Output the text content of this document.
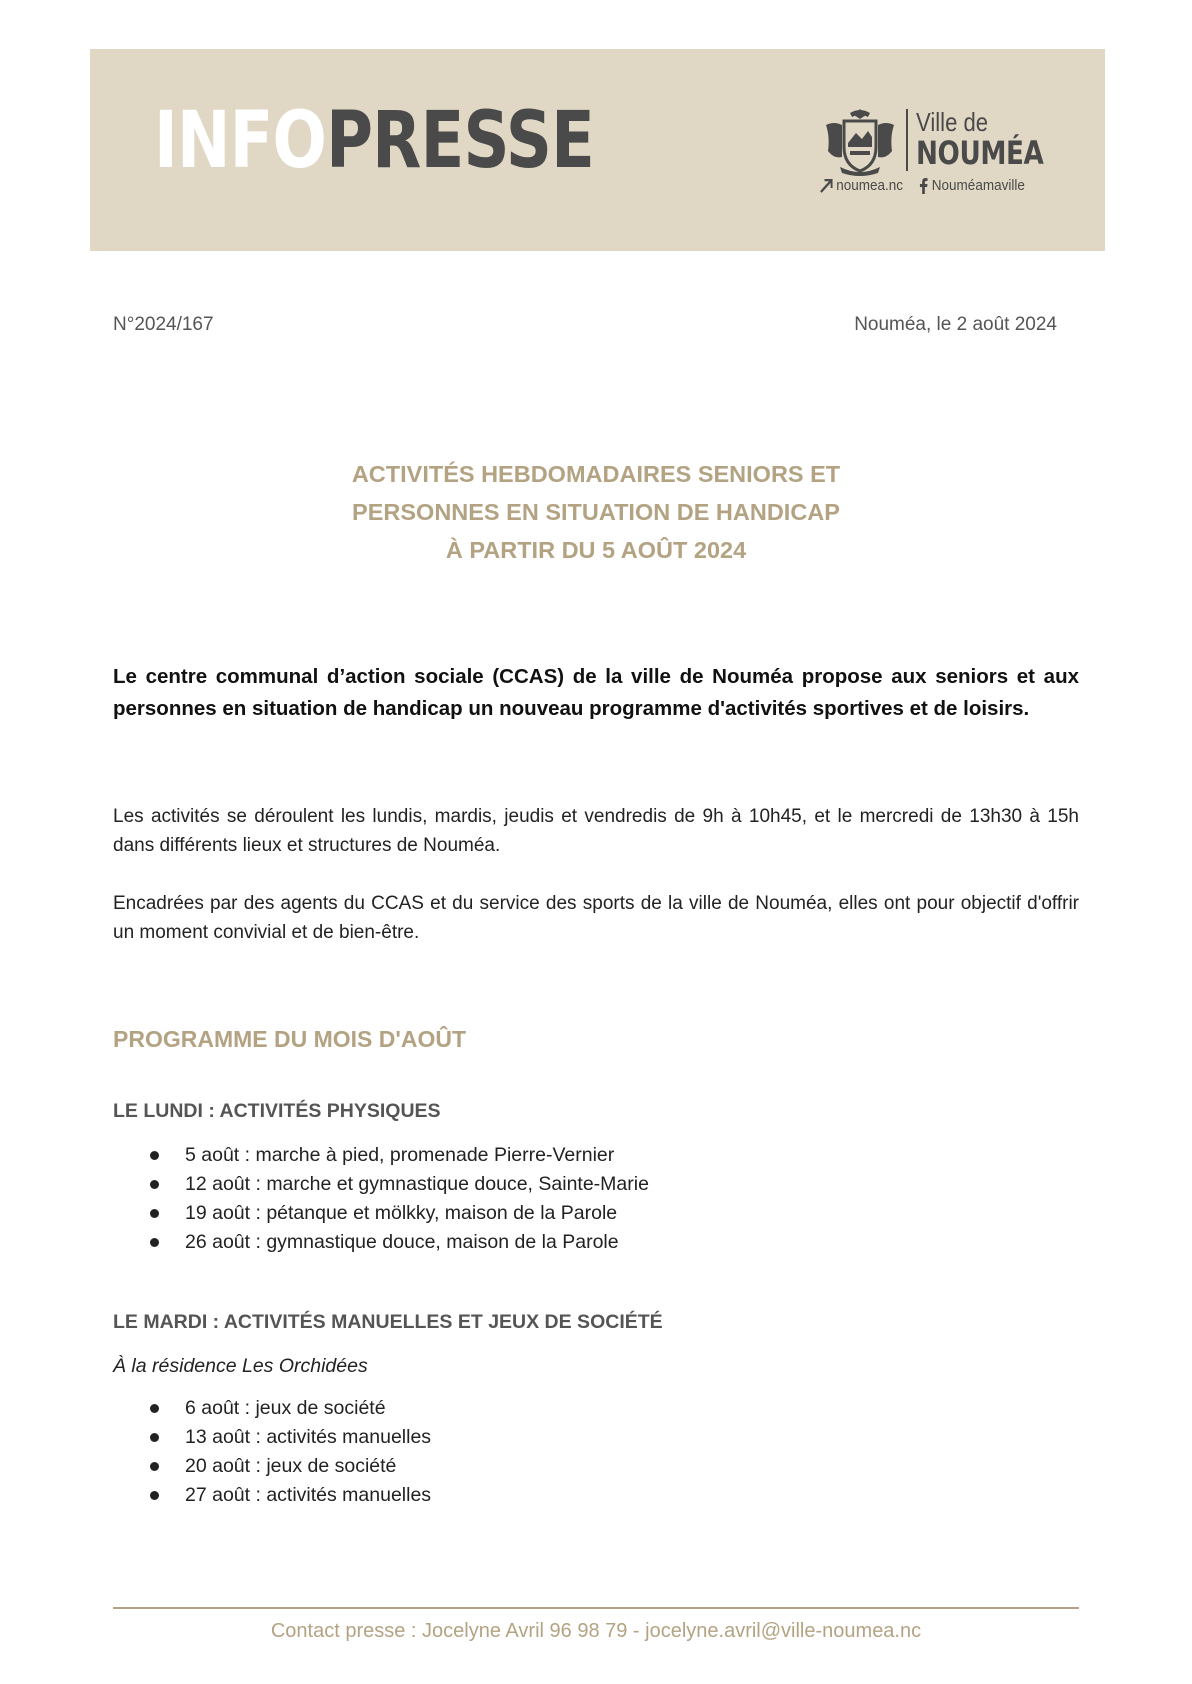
INFO PRESSE	Ville de
NOUMÉA
noumea.nc Nouméamaville
N°2024/167	Nouméa, le 2 août 2024
ACTIVITÉS HEBDOMADAIRES SENIORS ET
PERSONNES EN SITUATION DE HANDICAP
À PARTIR DU 5 AOÛT 2024
Le centre communal d’action sociale (CCAS) de la ville de Nouméa propose aux seniors et aux personnes en situation de handicap un nouveau programme d'activités sportives et de loisirs.
Les activités se déroulent les lundis, mardis, jeudis et vendredis de 9h à 10h45, et le mercredi de 13h30 à 15h dans différents lieux et structures de Nouméa.
Encadrées par des agents du CCAS et du service des sports de la ville de Nouméa, elles ont pour objectif d'offrir un moment convivial et de bien-être.
PROGRAMME DU MOIS D'AOÛT
LE LUNDI : ACTIVITÉS PHYSIQUES
5 août : marche à pied, promenade Pierre-Vernier
12 août : marche et gymnastique douce, Sainte-Marie
19 août : pétanque et mölkky, maison de la Parole
26 août : gymnastique douce, maison de la Parole
LE MARDI : ACTIVITÉS MANUELLES ET JEUX DE SOCIÉTÉ
À la résidence Les Orchidées
6 août : jeux de société
13 août : activités manuelles
20 août : jeux de société
27 août : activités manuelles
Contact presse : Jocelyne Avril 96 98 79 - jocelyne.avril@ville-noumea.nc
